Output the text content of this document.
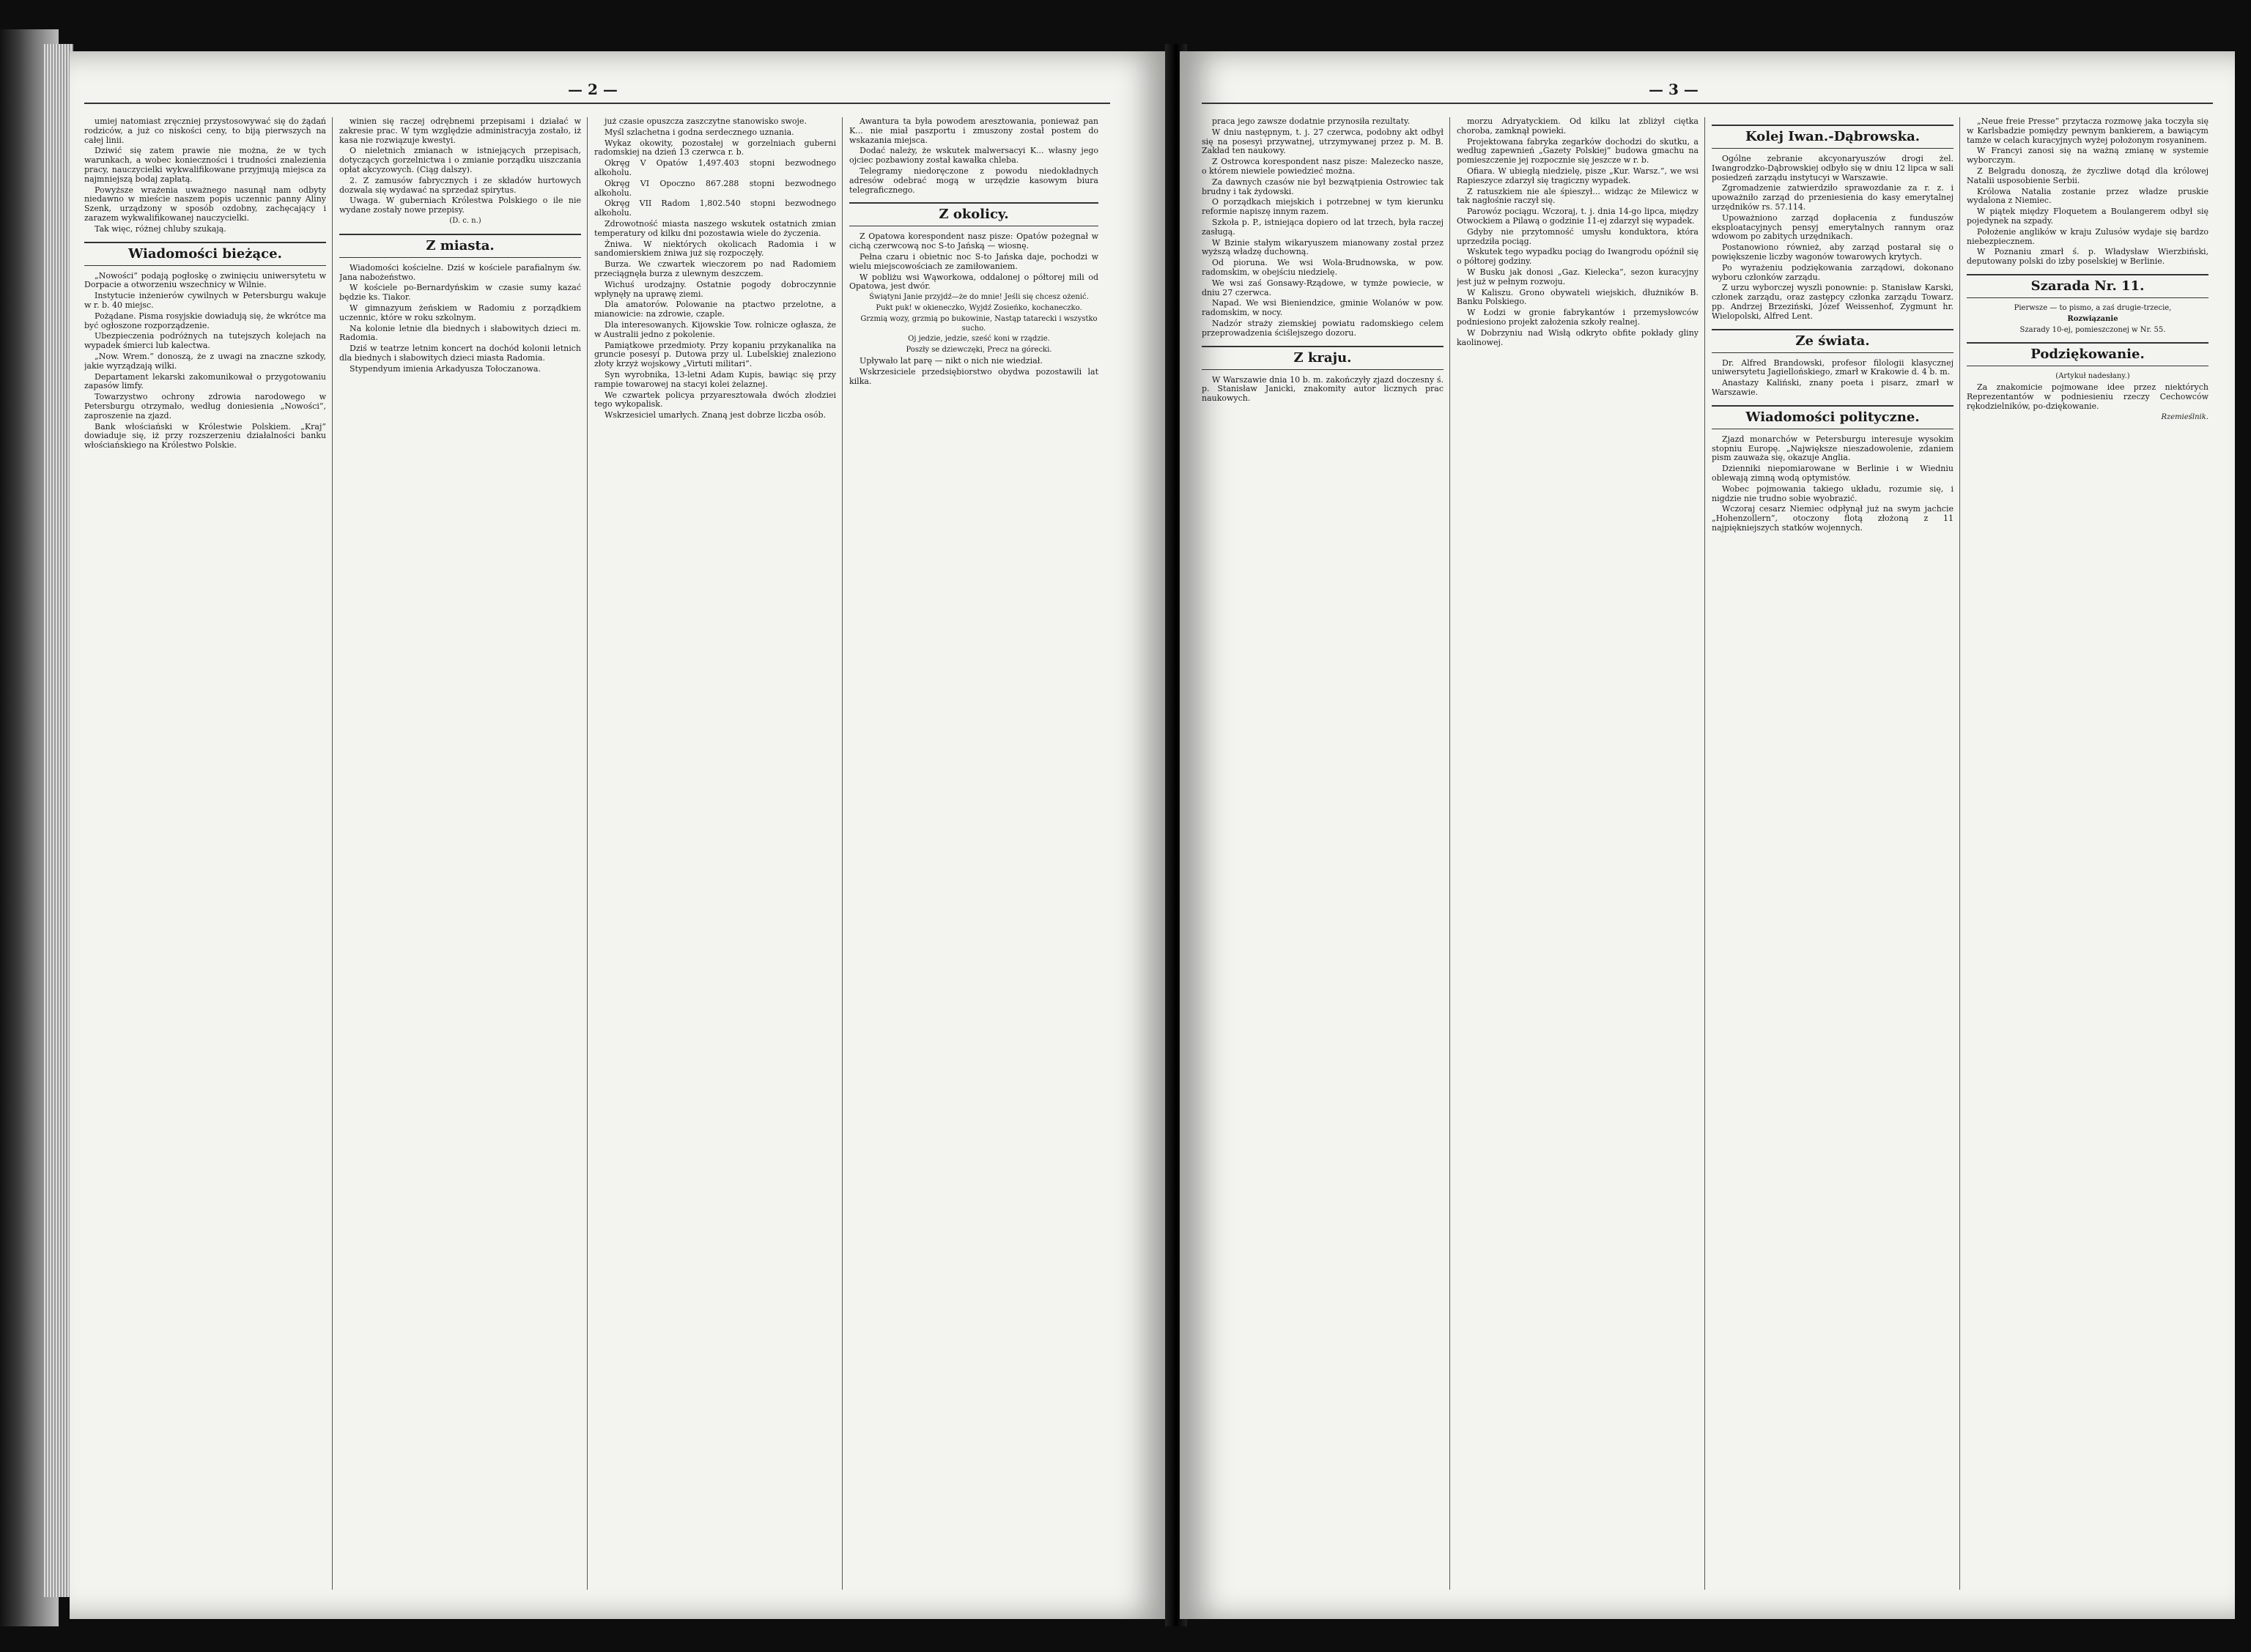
— 2 —

umiej natomiast zręczniej przystosowywać się do żądań rodziców, a już co niskości ceny, to biją pierwszych na całej linii.

Dziwić się zatem prawie nie można, że w tych warunkach, a wobec konieczności i trudności znalezienia pracy, nauczycielki wykwalifikowane przyjmują miejsca za najmniejszą bodaj zapłatą.

Powyższe wrażenia uważnego nasunął nam odbyty niedawno w mieście naszem popis uczennic panny Aliny Szenk, urządzony w sposób ozdobny, zachęcający i zarazem wykwalifikowanej nauczycielki.

Tak więc, różnej chluby szukają.

Wiadomości bieżące.

„Nowości” podają pogłoskę o zwinięciu uniwersytetu w Dorpacie a otworzeniu wszechnicy w Wilnie.

Instytucie inżenierów cywilnych w Petersburgu wakuje w r. b. 40 miejsc.

Pożądane. Pisma rosyjskie dowiadują się, że wkrótce ma być ogłoszone rozporządzenie.

Ubezpieczenia podróżnych na tutejszych kolejach na wypadek śmierci lub kalectwa.

„Now. Wrem.” donoszą, że z uwagi na znaczne szkody, jakie wyrządzają wilki.

Departament lekarski zakomunikował o przygotowaniu zapasów limfy.

Towarzystwo ochrony zdrowia narodowego w Petersburgu otrzymało, według doniesienia „Nowości”, zaproszenie na zjazd.

Bank włościański w Królestwie Polskiem. „Kraj” dowiaduje się, iż przy rozszerzeniu działalności banku włościańskiego na Królestwo Polskie.

winien się raczej odrębnemi przepisami i działać w zakresie prac. W tym względzie administracyja zostało, iż kasa nie rozwiązuje kwestyi.

O nieletnich zmianach w istniejących przepisach, dotyczących gorzelnictwa i o zmianie porządku uiszczania opłat akcyzowych. (Ciąg dalszy).

2. Z zamusów fabrycznych i ze składów hurtowych dozwala się wydawać na sprzedaż spirytus.

Uwaga. W guberniach Królestwa Polskiego o ile nie wydane zostały nowe przepisy.

(D. c. n.)

Z miasta.

Wiadomości kościelne. Dziś w kościele parafialnym św. Jana nabożeństwo.

W kościele po-Bernardyńskim w czasie sumy kazać będzie ks. Tiakor.

W gimnazyum żeńskiem w Radomiu z porządkiem uczennic, które w roku szkolnym.

Na kolonie letnie dla biednych i słabowitych dzieci m. Radomia.

Dziś w teatrze letnim koncert na dochód kolonii letnich dla biednych i słabowitych dzieci miasta Radomia.

Stypendyum imienia Arkadyusza Tołoczanowa.

już czasie opuszcza zaszczytne stanowisko swoje.

Myśl szlachetna i godna serdecznego uznania.

Wykaz okowity, pozostałej w gorzelniach guberni radomskiej na dzień 13 czerwca r. b.

Okręg V Opatów 1,497.403 stopni bezwodnego alkoholu.

Okręg VI Opoczno 867.288 stopni bezwodnego alkoholu.

Okręg VII Radom 1,802.540 stopni bezwodnego alkoholu.

Zdrowotność miasta naszego wskutek ostatnich zmian temperatury od kilku dni pozostawia wiele do życzenia.

Żniwa. W niektórych okolicach Radomia i w sandomierskiem żniwa już się rozpoczęły.

Burza. We czwartek wieczorem po nad Radomiem przeciągnęła burza z ulewnym deszczem.

Wichuś urodzajny. Ostatnie pogody dobroczynnie wpłynęły na uprawę ziemi.

Dla amatorów. Polowanie na ptactwo przelotne, a mianowicie: na zdrowie, czaple.

Dla interesowanych. Kijowskie Tow. rolnicze ogłasza, że w Australii jedno z pokolenie.

Pamiątkowe przedmioty. Przy kopaniu przykanalika na gruncie posesyi p. Dutowa przy ul. Lubelskiej znaleziono złoty krzyż wojskowy „Virtuti militari”.

Syn wyrobnika, 13-letni Adam Kupis, bawiąc się przy rampie towarowej na stacyi kolei żelaznej.

We czwartek policya przyaresztowała dwóch złodziei tego wykopalisk.

Wskrzesiciel umarłych. Znaną jest dobrze liczba osób.

Awantura ta była powodem aresztowania, ponieważ pan K... nie miał paszportu i zmuszony został postem do wskazania miejsca.

Dodać należy, że wskutek malwersacyi K... własny jego ojciec pozbawiony został kawałka chleba.

Telegramy niedoręczone z powodu niedokładnych adresów odebrać mogą w urzędzie kasowym biura telegraficznego.

Z okolicy.

Z Opatowa korespondent nasz pisze: Opatów pożegnał w cichą czerwcową noc S-to Jańską — wiosnę.

Pełna czaru i obietnic noc S-to Jańska daje, pochodzi w wielu miejscowościach ze zamiłowaniem.

W pobliżu wsi Wąworkowa, oddalonej o półtorej mili od Opatowa, jest dwór.

Świątyni Janie przyjdź—że do mnie! Jeśli się chcesz ożenić.

Pukt puk! w okieneczko, Wyjdź Zosieńko, kochaneczko.

Grzmią wozy, grzmią po bukowinie, Nastąp tatarecki i wszystko sucho.

Oj jedzie, jedzie, sześć koni w rządzie.

Poszły se dziewczęki, Precz na górecki.

Upływało lat parę — nikt o nich nie wiedział.

Wskrzesiciele przedsiębiorstwo obydwa pozostawili lat kilka.

— 3 —

praca jego zawsze dodatnie przynosiła rezultaty.

W dniu następnym, t. j. 27 czerwca, podobny akt odbył się na posesyi przywatnej, utrzymywanej przez p. M. B. Zakład ten naukowy.

Z Ostrowca korespondent nasz pisze: Malezecko nasze, o którem niewiele powiedzieć można.

Za dawnych czasów nie był bezwątpienia Ostrowiec tak brudny i tak żydowski.

O porządkach miejskich i potrzebnej w tym kierunku reformie napiszę innym razem.

Szkoła p. P., istniejąca dopiero od lat trzech, była raczej zasługą.

W Bzinie stałym wikaryuszem mianowany został przez wyższą władzę duchowną.

Od pioruna. We wsi Wola-Brudnowska, w pow. radomskim, w obejściu niedzielę.

We wsi zaś Gonsawy-Rządowe, w tymże powiecie, w dniu 27 czerwca.

Napad. We wsi Bieniendzice, gminie Wolanów w pow. radomskim, w nocy.

Nadzór straży ziemskiej powiatu radomskiego celem przeprowadzenia ściślejszego dozoru.

Z kraju.

W Warszawie dnia 10 b. m. zakończyły zjazd doczesny ś. p. Stanisław Janicki, znakomity autor licznych prac naukowych.

morzu Adryatyckiem. Od kilku lat zbliżył ciętka choroba, zamknął powieki.

Projektowana fabryka zegarków dochodzi do skutku, a według zapewnień „Gazety Polskiej” budowa gmachu na pomieszczenie jej rozpocznie się jeszcze w r. b.

Ofiara. W ubiegłą niedzielę, pisze „Kur. Warsz.”, we wsi Rapieszyce zdarzył się tragiczny wypadek.

Z ratuszkiem nie ale śpieszył... widząc że Milewicz w tak nagłośnie raczył się.

Parowóz pociągu. Wczoraj, t. j. dnia 14-go lipca, między Otwockiem a Pilawą o godzinie 11-ej zdarzył się wypadek.

Gdyby nie przytomność umysłu konduktora, która uprzedziła pociąg.

Wskutek tego wypadku pociąg do Iwangrodu opóźnił się o półtorej godziny.

W Busku jak donosi „Gaz. Kielecka”, sezon kuracyjny jest już w pełnym rozwoju.

W Kaliszu. Grono obywateli wiejskich, dłużników B. Banku Polskiego.

W Łodzi w gronie fabrykantów i przemysłowców podniesiono projekt założenia szkoły realnej.

W Dobrzyniu nad Wisłą odkryto obfite pokłady gliny kaolinowej.

Kolej Iwan.-Dąbrowska.

Ogólne zebranie akcyonaryuszów drogi żel. Iwangrodzko-Dąbrowskiej odbyło się w dniu 12 lipca w sali posiedzeń zarządu instytucyi w Warszawie.

Zgromadzenie zatwierdziło sprawozdanie za r. z. i upoważniło zarząd do przeniesienia do kasy emerytalnej urzędników rs. 57.114.

Upoważniono zarząd dopłacenia z funduszów eksploatacyjnych pensyj emerytalnych rannym oraz wdowom po zabitych urzędnikach.

Postanowiono również, aby zarząd postarał się o powiększenie liczby wagonów towarowych krytych.

Po wyrażeniu podziękowania zarządowi, dokonano wyboru członków zarządu.

Z urzu wyborczej wyszli ponownie: p. Stanisław Karski, członek zarządu, oraz zastępcy członka zarządu Towarz. pp. Andrzej Brzeziński, Józef Weissenhof, Zygmunt hr. Wielopolski, Alfred Lent.

Ze świata.

Dr. Alfred Brandowski, profesor filologii klasycznej uniwersytetu Jagiellońskiego, zmarł w Krakowie d. 4 b. m.

Anastazy Kaliński, znany poeta i pisarz, zmarł w Warszawie.

Wiadomości polityczne.

Zjazd monarchów w Petersburgu interesuje wysokim stopniu Europę. „Największe nieszadowolenie, zdaniem pism zauważa się, okazuje Anglia.

Dzienniki niepomiarowane w Berlinie i w Wiedniu oblewają zimną wodą optymistów.

Wobec pojmowania takiego układu, rozumie się, i nigdzie nie trudno sobie wyobrazić.

Wczoraj cesarz Niemiec odpłynął już na swym jachcie „Hohenzollern”, otoczony flotą złożoną z 11 najpiękniejszych statków wojennych.

„Neue freie Presse” przytacza rozmowę jaka toczyła się w Karlsbadzie pomiędzy pewnym bankierem, a bawiącym tamże w celach kuracyjnych wyżej położonym rosyaninem.

W Francyi zanosi się na ważną zmianę w systemie wyborczym.

Z Belgradu donoszą, że życzliwe dotąd dla królowej Natalii usposobienie Serbii.

Królowa Natalia zostanie przez władze pruskie wydalona z Niemiec.

W piątek między Floquetem a Boulangerem odbył się pojedynek na szpady.

Położenie anglików w kraju Zulusów wydaje się bardzo niebezpiecznem.

W Poznaniu zmarł ś. p. Władysław Wierzbiński, deputowany polski do izby poselskiej w Berlinie.

Szarada Nr. 11.

Pierwsze — to pismo, a zaś drugie-trzecie,

Rozwiązanie

Szarady 10-ej, pomieszczonej w Nr. 55.

Podziękowanie.

(Artykuł nadesłany.)

Za znakomicie pojmowane idee przez niektórych Reprezentantów w podniesieniu rzeczy Cechowców rękodzielników, po-dziękowanie.

Rzemieślnik.
